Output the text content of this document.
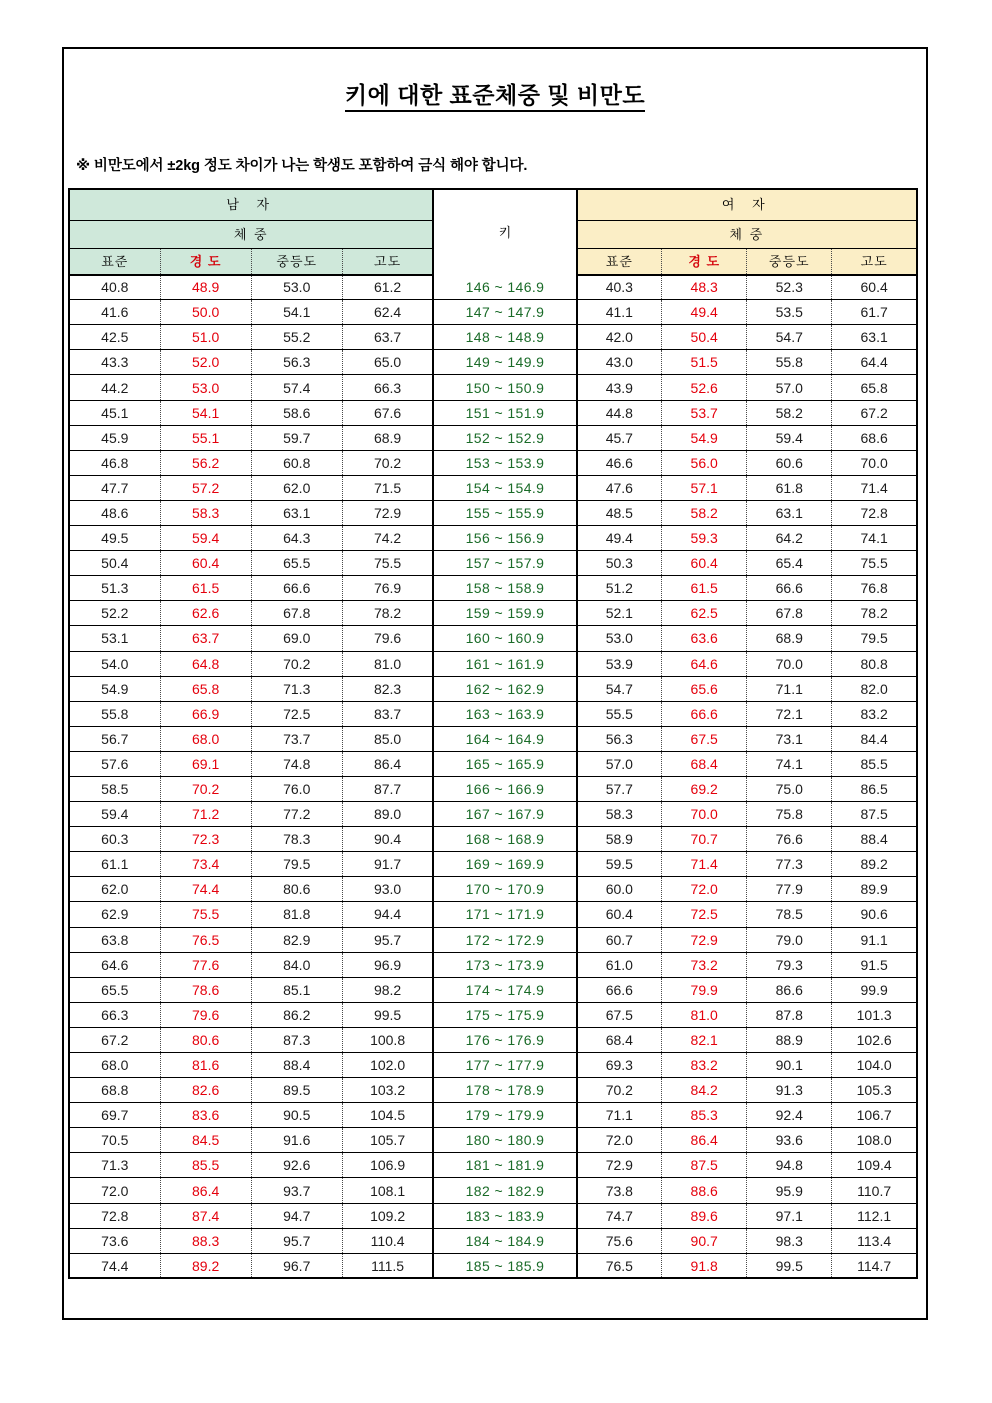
키에 대한 표준체중 및 비만도
※ 비만도에서 ±2kg 정도 차이가 나는 학생도 포함하여 금식 해야 합니다.
남 자				키	여 자			
체 중					체 중			
표준	경 도	중등도	고도		표준	경 도	중등도	고도
40.8	48.9	53.0	61.2	146 ~ 146.9	40.3	48.3	52.3	60.4
41.6	50.0	54.1	62.4	147 ~ 147.9	41.1	49.4	53.5	61.7
42.5	51.0	55.2	63.7	148 ~ 148.9	42.0	50.4	54.7	63.1
43.3	52.0	56.3	65.0	149 ~ 149.9	43.0	51.5	55.8	64.4
44.2	53.0	57.4	66.3	150 ~ 150.9	43.9	52.6	57.0	65.8
45.1	54.1	58.6	67.6	151 ~ 151.9	44.8	53.7	58.2	67.2
45.9	55.1	59.7	68.9	152 ~ 152.9	45.7	54.9	59.4	68.6
46.8	56.2	60.8	70.2	153 ~ 153.9	46.6	56.0	60.6	70.0
47.7	57.2	62.0	71.5	154 ~ 154.9	47.6	57.1	61.8	71.4
48.6	58.3	63.1	72.9	155 ~ 155.9	48.5	58.2	63.1	72.8
49.5	59.4	64.3	74.2	156 ~ 156.9	49.4	59.3	64.2	74.1
50.4	60.4	65.5	75.5	157 ~ 157.9	50.3	60.4	65.4	75.5
51.3	61.5	66.6	76.9	158 ~ 158.9	51.2	61.5	66.6	76.8
52.2	62.6	67.8	78.2	159 ~ 159.9	52.1	62.5	67.8	78.2
53.1	63.7	69.0	79.6	160 ~ 160.9	53.0	63.6	68.9	79.5
54.0	64.8	70.2	81.0	161 ~ 161.9	53.9	64.6	70.0	80.8
54.9	65.8	71.3	82.3	162 ~ 162.9	54.7	65.6	71.1	82.0
55.8	66.9	72.5	83.7	163 ~ 163.9	55.5	66.6	72.1	83.2
56.7	68.0	73.7	85.0	164 ~ 164.9	56.3	67.5	73.1	84.4
57.6	69.1	74.8	86.4	165 ~ 165.9	57.0	68.4	74.1	85.5
58.5	70.2	76.0	87.7	166 ~ 166.9	57.7	69.2	75.0	86.5
59.4	71.2	77.2	89.0	167 ~ 167.9	58.3	70.0	75.8	87.5
60.3	72.3	78.3	90.4	168 ~ 168.9	58.9	70.7	76.6	88.4
61.1	73.4	79.5	91.7	169 ~ 169.9	59.5	71.4	77.3	89.2
62.0	74.4	80.6	93.0	170 ~ 170.9	60.0	72.0	77.9	89.9
62.9	75.5	81.8	94.4	171 ~ 171.9	60.4	72.5	78.5	90.6
63.8	76.5	82.9	95.7	172 ~ 172.9	60.7	72.9	79.0	91.1
64.6	77.6	84.0	96.9	173 ~ 173.9	61.0	73.2	79.3	91.5
65.5	78.6	85.1	98.2	174 ~ 174.9	66.6	79.9	86.6	99.9
66.3	79.6	86.2	99.5	175 ~ 175.9	67.5	81.0	87.8	101.3
67.2	80.6	87.3	100.8	176 ~ 176.9	68.4	82.1	88.9	102.6
68.0	81.6	88.4	102.0	177 ~ 177.9	69.3	83.2	90.1	104.0
68.8	82.6	89.5	103.2	178 ~ 178.9	70.2	84.2	91.3	105.3
69.7	83.6	90.5	104.5	179 ~ 179.9	71.1	85.3	92.4	106.7
70.5	84.5	91.6	105.7	180 ~ 180.9	72.0	86.4	93.6	108.0
71.3	85.5	92.6	106.9	181 ~ 181.9	72.9	87.5	94.8	109.4
72.0	86.4	93.7	108.1	182 ~ 182.9	73.8	88.6	95.9	110.7
72.8	87.4	94.7	109.2	183 ~ 183.9	74.7	89.6	97.1	112.1
73.6	88.3	95.7	110.4	184 ~ 184.9	75.6	90.7	98.3	113.4
74.4	89.2	96.7	111.5	185 ~ 185.9	76.5	91.8	99.5	114.7
